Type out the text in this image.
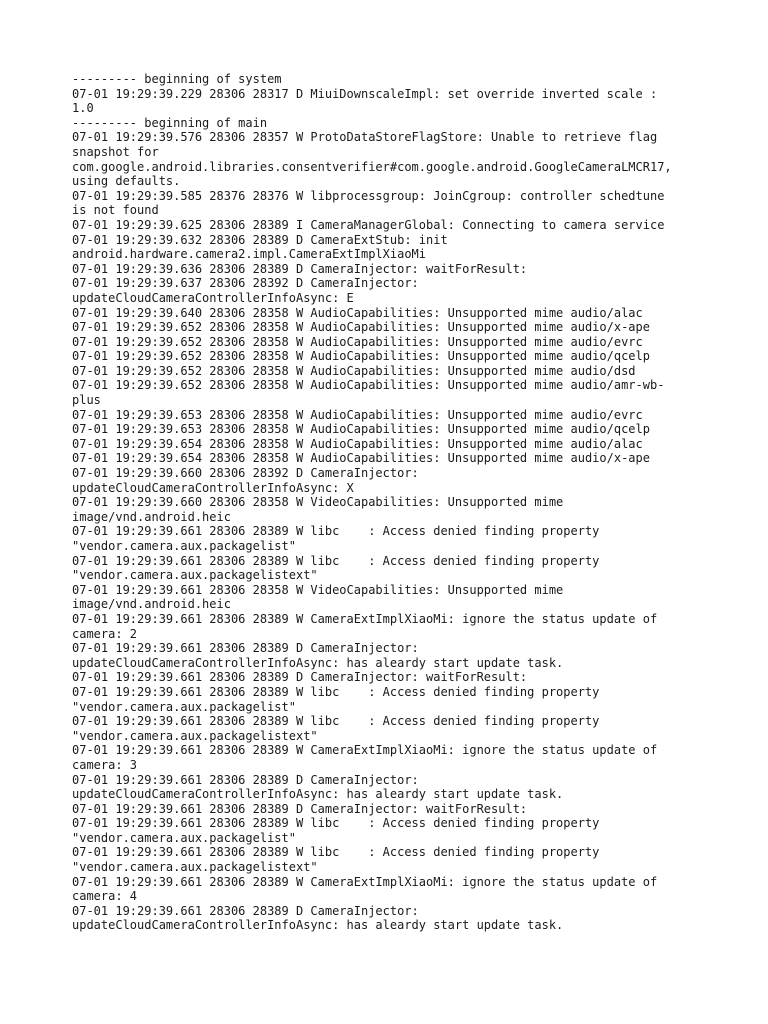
--------- beginning of system

07-01 19:29:39.229 28306 28317 D MiuiDownscaleImpl: set override inverted scale :

1.0

--------- beginning of main

07-01 19:29:39.576 28306 28357 W ProtoDataStoreFlagStore: Unable to retrieve flag

snapshot for

com.google.android.libraries.consentverifier#com.google.android.GoogleCameraLMCR17,

using defaults.

07-01 19:29:39.585 28376 28376 W libprocessgroup: JoinCgroup: controller schedtune

is not found

07-01 19:29:39.625 28306 28389 I CameraManagerGlobal: Connecting to camera service

07-01 19:29:39.632 28306 28389 D CameraExtStub: init

android.hardware.camera2.impl.CameraExtImplXiaoMi

07-01 19:29:39.636 28306 28389 D CameraInjector: waitForResult:

07-01 19:29:39.637 28306 28392 D CameraInjector:

updateCloudCameraControllerInfoAsync: E

07-01 19:29:39.640 28306 28358 W AudioCapabilities: Unsupported mime audio/alac

07-01 19:29:39.652 28306 28358 W AudioCapabilities: Unsupported mime audio/x-ape

07-01 19:29:39.652 28306 28358 W AudioCapabilities: Unsupported mime audio/evrc

07-01 19:29:39.652 28306 28358 W AudioCapabilities: Unsupported mime audio/qcelp

07-01 19:29:39.652 28306 28358 W AudioCapabilities: Unsupported mime audio/dsd

07-01 19:29:39.652 28306 28358 W AudioCapabilities: Unsupported mime audio/amr-wb-

plus

07-01 19:29:39.653 28306 28358 W AudioCapabilities: Unsupported mime audio/evrc

07-01 19:29:39.653 28306 28358 W AudioCapabilities: Unsupported mime audio/qcelp

07-01 19:29:39.654 28306 28358 W AudioCapabilities: Unsupported mime audio/alac

07-01 19:29:39.654 28306 28358 W AudioCapabilities: Unsupported mime audio/x-ape

07-01 19:29:39.660 28306 28392 D CameraInjector:

updateCloudCameraControllerInfoAsync: X

07-01 19:29:39.660 28306 28358 W VideoCapabilities: Unsupported mime

image/vnd.android.heic

07-01 19:29:39.661 28306 28389 W libc    : Access denied finding property

"vendor.camera.aux.packagelist"

07-01 19:29:39.661 28306 28389 W libc    : Access denied finding property

"vendor.camera.aux.packagelistext"

07-01 19:29:39.661 28306 28358 W VideoCapabilities: Unsupported mime

image/vnd.android.heic

07-01 19:29:39.661 28306 28389 W CameraExtImplXiaoMi: ignore the status update of

camera: 2

07-01 19:29:39.661 28306 28389 D CameraInjector:

updateCloudCameraControllerInfoAsync: has aleardy start update task.

07-01 19:29:39.661 28306 28389 D CameraInjector: waitForResult:

07-01 19:29:39.661 28306 28389 W libc    : Access denied finding property

"vendor.camera.aux.packagelist"

07-01 19:29:39.661 28306 28389 W libc    : Access denied finding property

"vendor.camera.aux.packagelistext"

07-01 19:29:39.661 28306 28389 W CameraExtImplXiaoMi: ignore the status update of

camera: 3

07-01 19:29:39.661 28306 28389 D CameraInjector:

updateCloudCameraControllerInfoAsync: has aleardy start update task.

07-01 19:29:39.661 28306 28389 D CameraInjector: waitForResult:

07-01 19:29:39.661 28306 28389 W libc    : Access denied finding property

"vendor.camera.aux.packagelist"

07-01 19:29:39.661 28306 28389 W libc    : Access denied finding property

"vendor.camera.aux.packagelistext"

07-01 19:29:39.661 28306 28389 W CameraExtImplXiaoMi: ignore the status update of

camera: 4

07-01 19:29:39.661 28306 28389 D CameraInjector:

updateCloudCameraControllerInfoAsync: has aleardy start update task.
